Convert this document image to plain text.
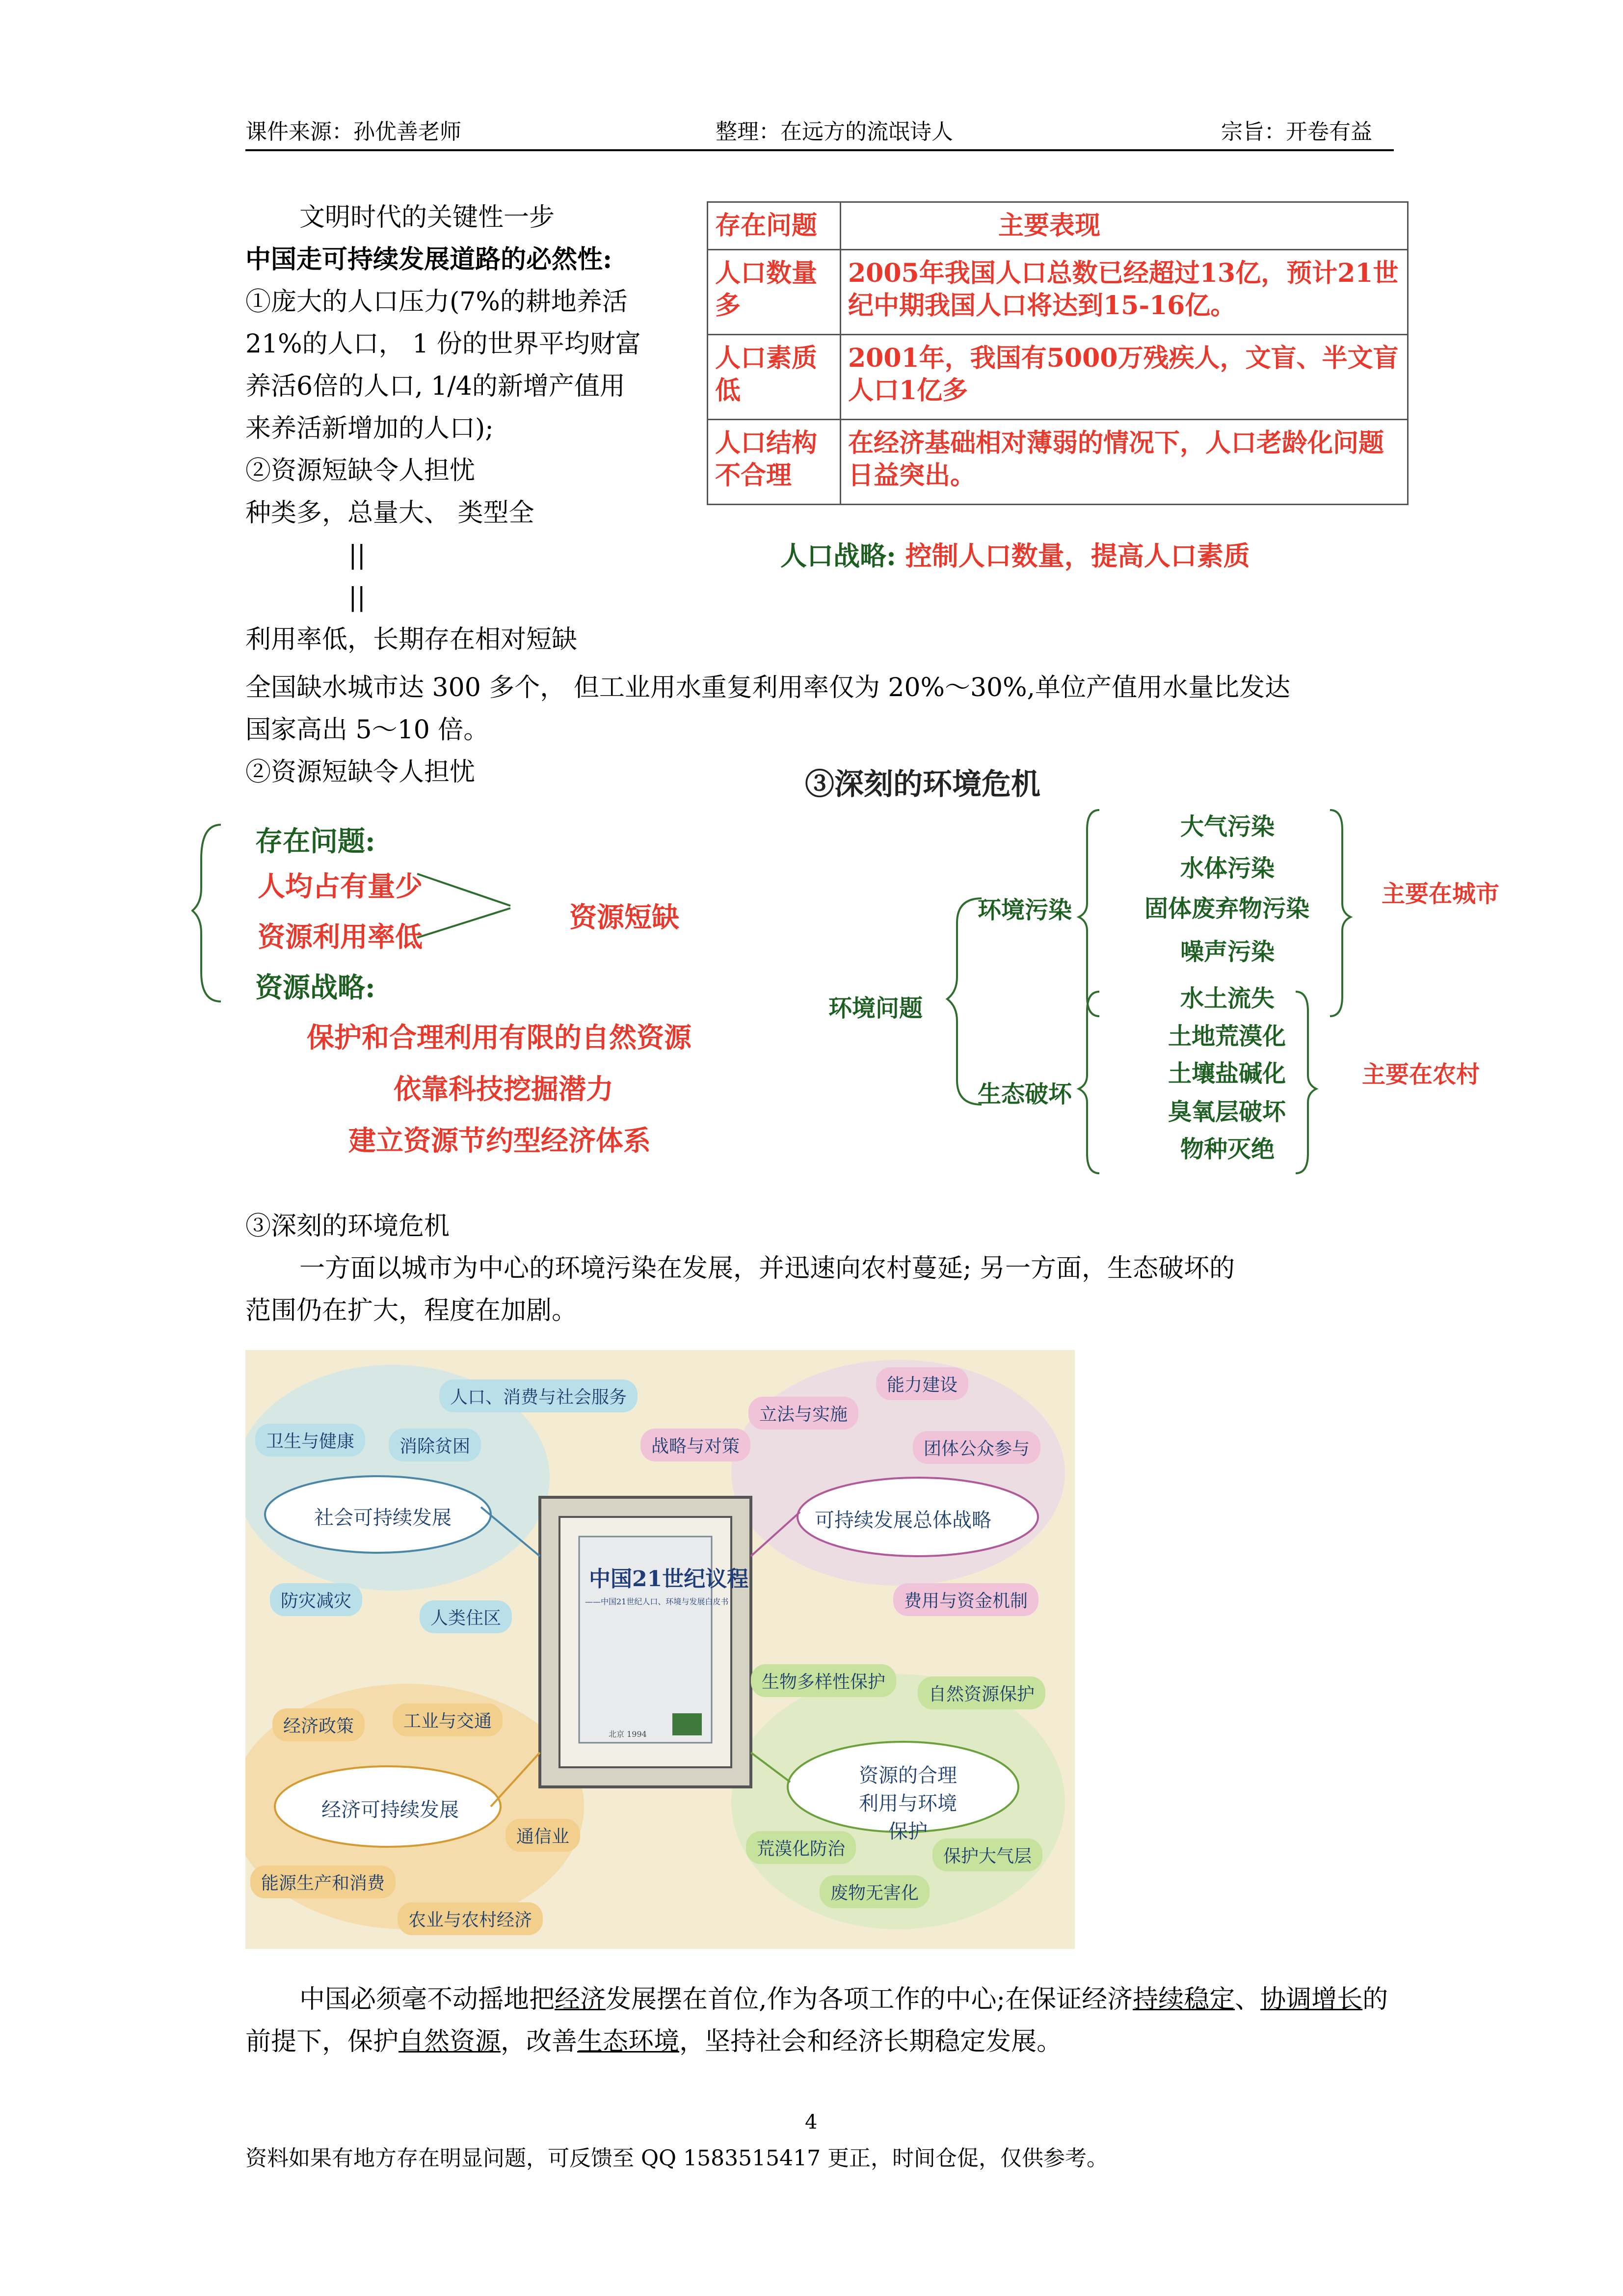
课件来源：孙优善老师	整理：在远方的流氓诗人	宗旨：开卷有益
文明时代的关键性一步
中国走可持续发展道路的必然性:
①庞大的人口压力(7%的耕地养活
21%的人口， 1 份的世界平均财富
养活6倍的人口, 1/4的新增产值用
来养活新增加的人口);
②资源短缺令人担忧
种类多，总量大、 类型全
||
||
利用率低，长期存在相对短缺
存在问题	主要表现
人口数量多	2005年我国人口总数已经超过13亿，预计21世纪中期我国人口将达到15-16亿。
人口素质低	2001年，我国有5000万残疾人，文盲、半文盲人口1亿多
人口结构不合理	在经济基础相对薄弱的情况下，人口老龄化问题日益突出。
人口战略: 控制人口数量，提高人口素质
全国缺水城市达 300 多个， 但工业用水重复利用率仅为 20%～30%,单位产值用水量比发达
国家高出 5～10 倍。
②资源短缺令人担忧
存在问题:
人均占有量少
资源利用率低
资源短缺
资源战略:
保护和合理利用有限的自然资源
依靠科技挖掘潜力
建立资源节约型经济体系
③深刻的环境危机
环境问题
环境污染
生态破坏
大气污染
水体污染
固体废弃物污染
噪声污染
主要在城市
水土流失
土地荒漠化
土壤盐碱化
臭氧层破坏
物种灭绝
主要在农村
③深刻的环境危机
一方面以城市为中心的环境污染在发展，并迅速向农村蔓延; 另一方面，生态破坏的
范围仍在扩大，程度在加剧。
中国21世纪议程
——中国21世纪人口、环境与发展白皮书
北京 1994
社会可持续发展
人口、消费与社会服务
卫生与健康	消除贫困
防灾减灾
人类住区
可持续发展总体战略
能力建设
立法与实施
战略与对策	团体公众参与
费用与资金机制
经济可持续发展
经济政策	工业与交通
通信业
能源生产和消费
农业与农村经济
资源的合理利用与环境保护
生物多样性保护
自然资源保护
荒漠化防治	保护大气层
废物无害化
中国必须毫不动摇地把经济发展摆在首位,作为各项工作的中心;在保证经济持续稳定、协调增长的前提下，保护自然资源，改善生态环境，坚持社会和经济长期稳定发展。
4
资料如果有地方存在明显问题，可反馈至 QQ 1583515417 更正，时间仓促，仅供参考。
